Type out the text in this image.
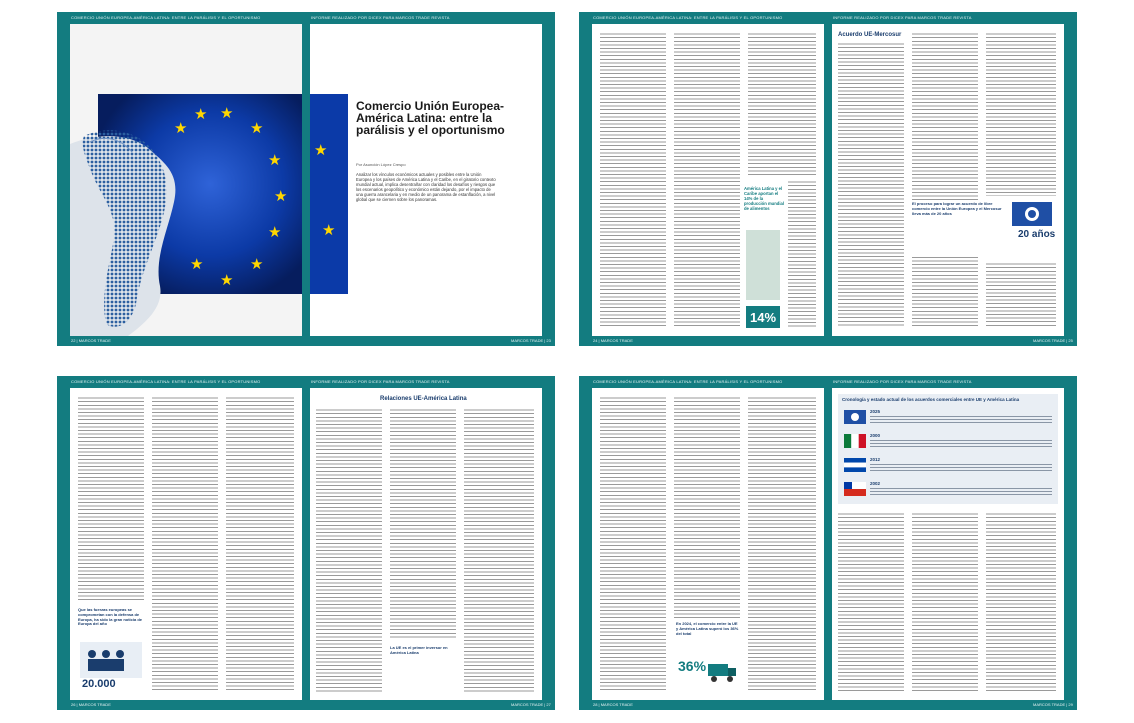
COMERCIO UNIÓN EUROPEA-AMÉRICA LATINA: ENTRE LA PARÁLISIS Y EL OPORTUNISMO	INFORME REALIZADO POR DICEX PARA MARCOS TRADE REVISTA
★
★
★
★
★
★
★
★
★
★
★
★
Comercio Unión Europea-América Latina: entre la parálisis y el oportunismo
Por Asunción López Crespo
Analizar los vínculos económicos actuales y posibles entre la Unión Europea y los países de América Latina y el Caribe, en el giratorio contexto mundial actual, implica desentrañar con claridad los desafíos y riesgos que los escenarios geopolítico y económico están dejando, por el impacto de una guerra arancelaria y en medio de un panorama de estanflación, a nivel global que se ciernen sobre los panoramas.
22 | MARCOS TRADE	MARCOS TRADE | 23
COMERCIO UNIÓN EUROPEA-AMÉRICA LATINA: ENTRE LA PARÁLISIS Y EL OPORTUNISMO	INFORME REALIZADO POR DICEX PARA MARCOS TRADE REVISTA
América Latina y el Caribe aportan el 14% de la producción mundial de alimentos
14%
Acuerdo UE-Mercosur
El proceso para lograr un acuerdo de libre comercio entre la Unión Europea y el Mercosur lleva más de 20 años
20 años
24 | MARCOS TRADE	MARCOS TRADE | 25
COMERCIO UNIÓN EUROPEA-AMÉRICA LATINA: ENTRE LA PARÁLISIS Y EL OPORTUNISMO	INFORME REALIZADO POR DICEX PARA MARCOS TRADE REVISTA
Que las fuerzas europeas se comprometan con la defensa de Europa, ha sido la gran noticia de Europa del año
20.000
Relaciones UE-América Latina
La UE es el primer inversor en América Latina
26 | MARCOS TRADE	MARCOS TRADE | 27
COMERCIO UNIÓN EUROPEA-AMÉRICA LATINA: ENTRE LA PARÁLISIS Y EL OPORTUNISMO	INFORME REALIZADO POR DICEX PARA MARCOS TRADE REVISTA
En 2024, el comercio entre la UE y América Latina superó los 36% del total
36%
Cronología y estado actual de los acuerdos comerciales entre UE y América Latina
2025
2000
2012
2002
28 | MARCOS TRADE	MARCOS TRADE | 29
